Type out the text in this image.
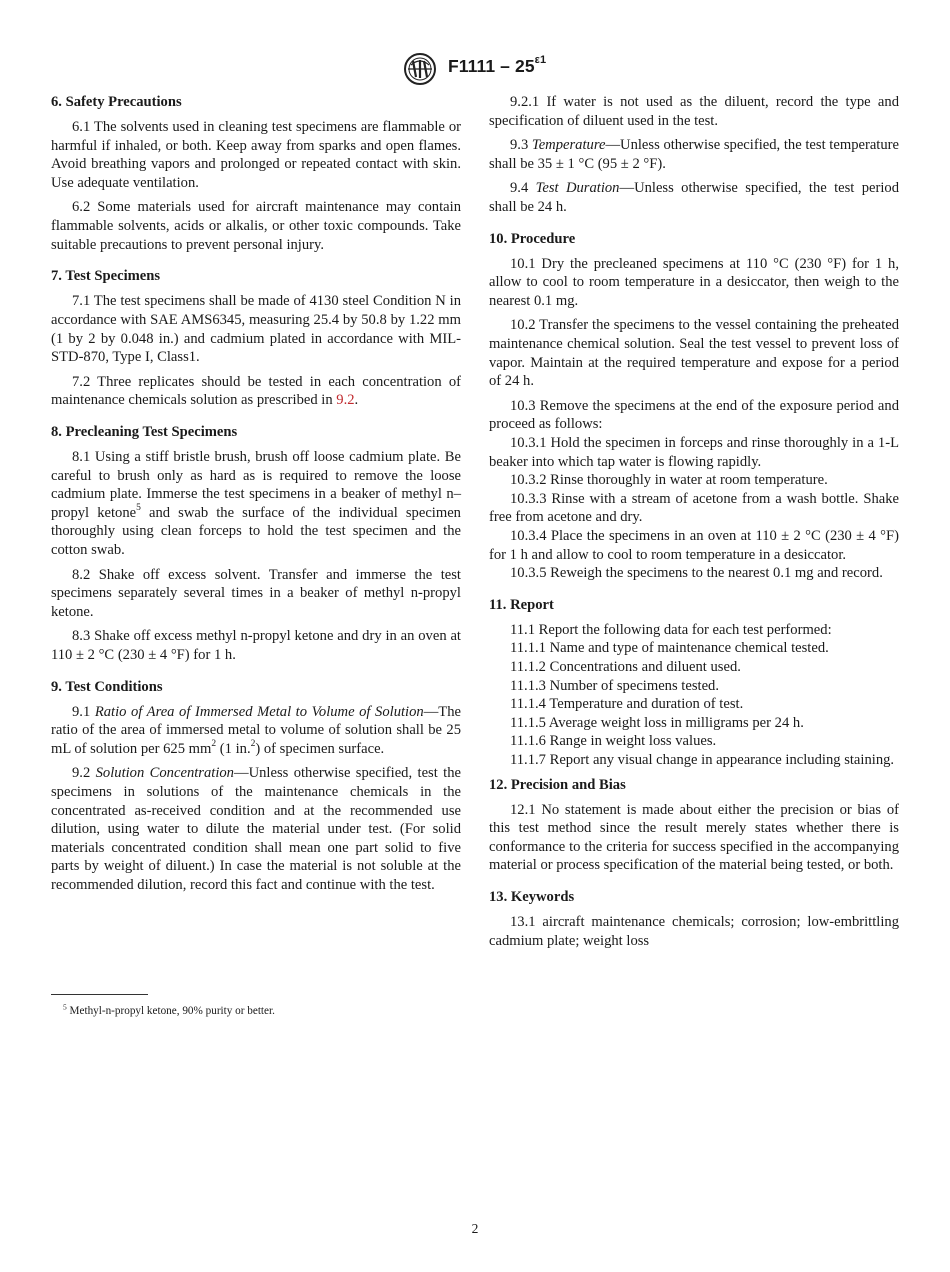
$F1111 - 25^{\varepsilon 1}$
6. Safety Precautions

6.1 The solvents used in cleaning test specimens are flammable or harmful if inhaled, or both. Keep away from sparks and open flames. Avoid breathing vapors and prolonged or repeated contact with skin. Use adequate ventilation.

6.2 Some materials used for aircraft maintenance may contain flammable solvents, acids or alkalis, or other toxic compounds. Take suitable precautions to prevent personal injury.

7. Test Specimens

7.1 The test specimens shall be made of 4130 steel Condition N in accordance with SAE AMS6345, measuring 25.4 by 50.8 by 1.22 mm (1 by 2 by 0.048 in.) and cadmium plated in accordance with MIL-STD-870, Type I, Class1.

7.2 Three replicates should be tested in each concentration of maintenance chemicals solution as prescribed in 9.2.

8. Precleaning Test Specimens

8.1 Using a stiff bristle brush, brush off loose cadmium plate. Be careful to brush only as hard as is required to remove the loose cadmium plate. Immerse the test specimens in a beaker of methyl n–propyl ketone$^5$ and swab the surface of the individual specimen thoroughly using clean forceps to hold the test specimen and the cotton swab.

8.2 Shake off excess solvent. Transfer and immerse the test specimens separately several times in a beaker of methyl n-propyl ketone.

8.3 Shake off excess methyl n-propyl ketone and dry in an oven at 110 ± 2 °C (230 ± 4 °F) for 1 h.

9. Test Conditions

9.1 Ratio of Area of Immersed Metal to Volume of Solution—The ratio of the area of immersed metal to volume of solution shall be 25 mL of solution per 625 mm$^2$ (1 in.$^2$) of specimen surface.

9.2 Solution Concentration—Unless otherwise specified, test the specimens in solutions of the maintenance chemicals in the concentrated as-received condition and at the recommended use dilution, using water to dilute the material under test. (For solid materials concentrated condition shall mean one part solid to five parts by weight of diluent.) In case the material is not soluble at the recommended dilution, record this fact and continue with the test.

$^5$ Methyl-n-propyl ketone, 90% purity or better.

9.2.1 If water is not used as the diluent, record the type and specification of diluent used in the test.

9.3 Temperature—Unless otherwise specified, the test temperature shall be 35 ± 1 °C (95 ± 2 °F).

9.4 Test Duration—Unless otherwise specified, the test period shall be 24 h.

10. Procedure

10.1 Dry the precleaned specimens at 110 °C (230 °F) for 1 h, allow to cool to room temperature in a desiccator, then weigh to the nearest 0.1 mg.

10.2 Transfer the specimens to the vessel containing the preheated maintenance chemical solution. Seal the test vessel to prevent loss of vapor. Maintain at the required temperature and expose for a period of 24 h.

10.3 Remove the specimens at the end of the exposure period and proceed as follows:

10.3.1 Hold the specimen in forceps and rinse thoroughly in a 1-L beaker into which tap water is flowing rapidly.

10.3.2 Rinse thoroughly in water at room temperature.

10.3.3 Rinse with a stream of acetone from a wash bottle. Shake free from acetone and dry.

10.3.4 Place the specimens in an oven at 110 ± 2 °C (230 ± 4 °F) for 1 h and allow to cool to room temperature in a desiccator.

10.3.5 Reweigh the specimens to the nearest 0.1 mg and record.

11. Report

11.1 Report the following data for each test performed:

11.1.1 Name and type of maintenance chemical tested.

11.1.2 Concentrations and diluent used.

11.1.3 Number of specimens tested.

11.1.4 Temperature and duration of test.

11.1.5 Average weight loss in milligrams per 24 h.

11.1.6 Range in weight loss values.

11.1.7 Report any visual change in appearance including staining.

12. Precision and Bias

12.1 No statement is made about either the precision or bias of this test method since the result merely states whether there is conformance to the criteria for success specified in the accompanying material or process specification of the material being tested, or both.

13. Keywords

13.1 aircraft maintenance chemicals; corrosion; low-embrittling cadmium plate; weight loss

2
